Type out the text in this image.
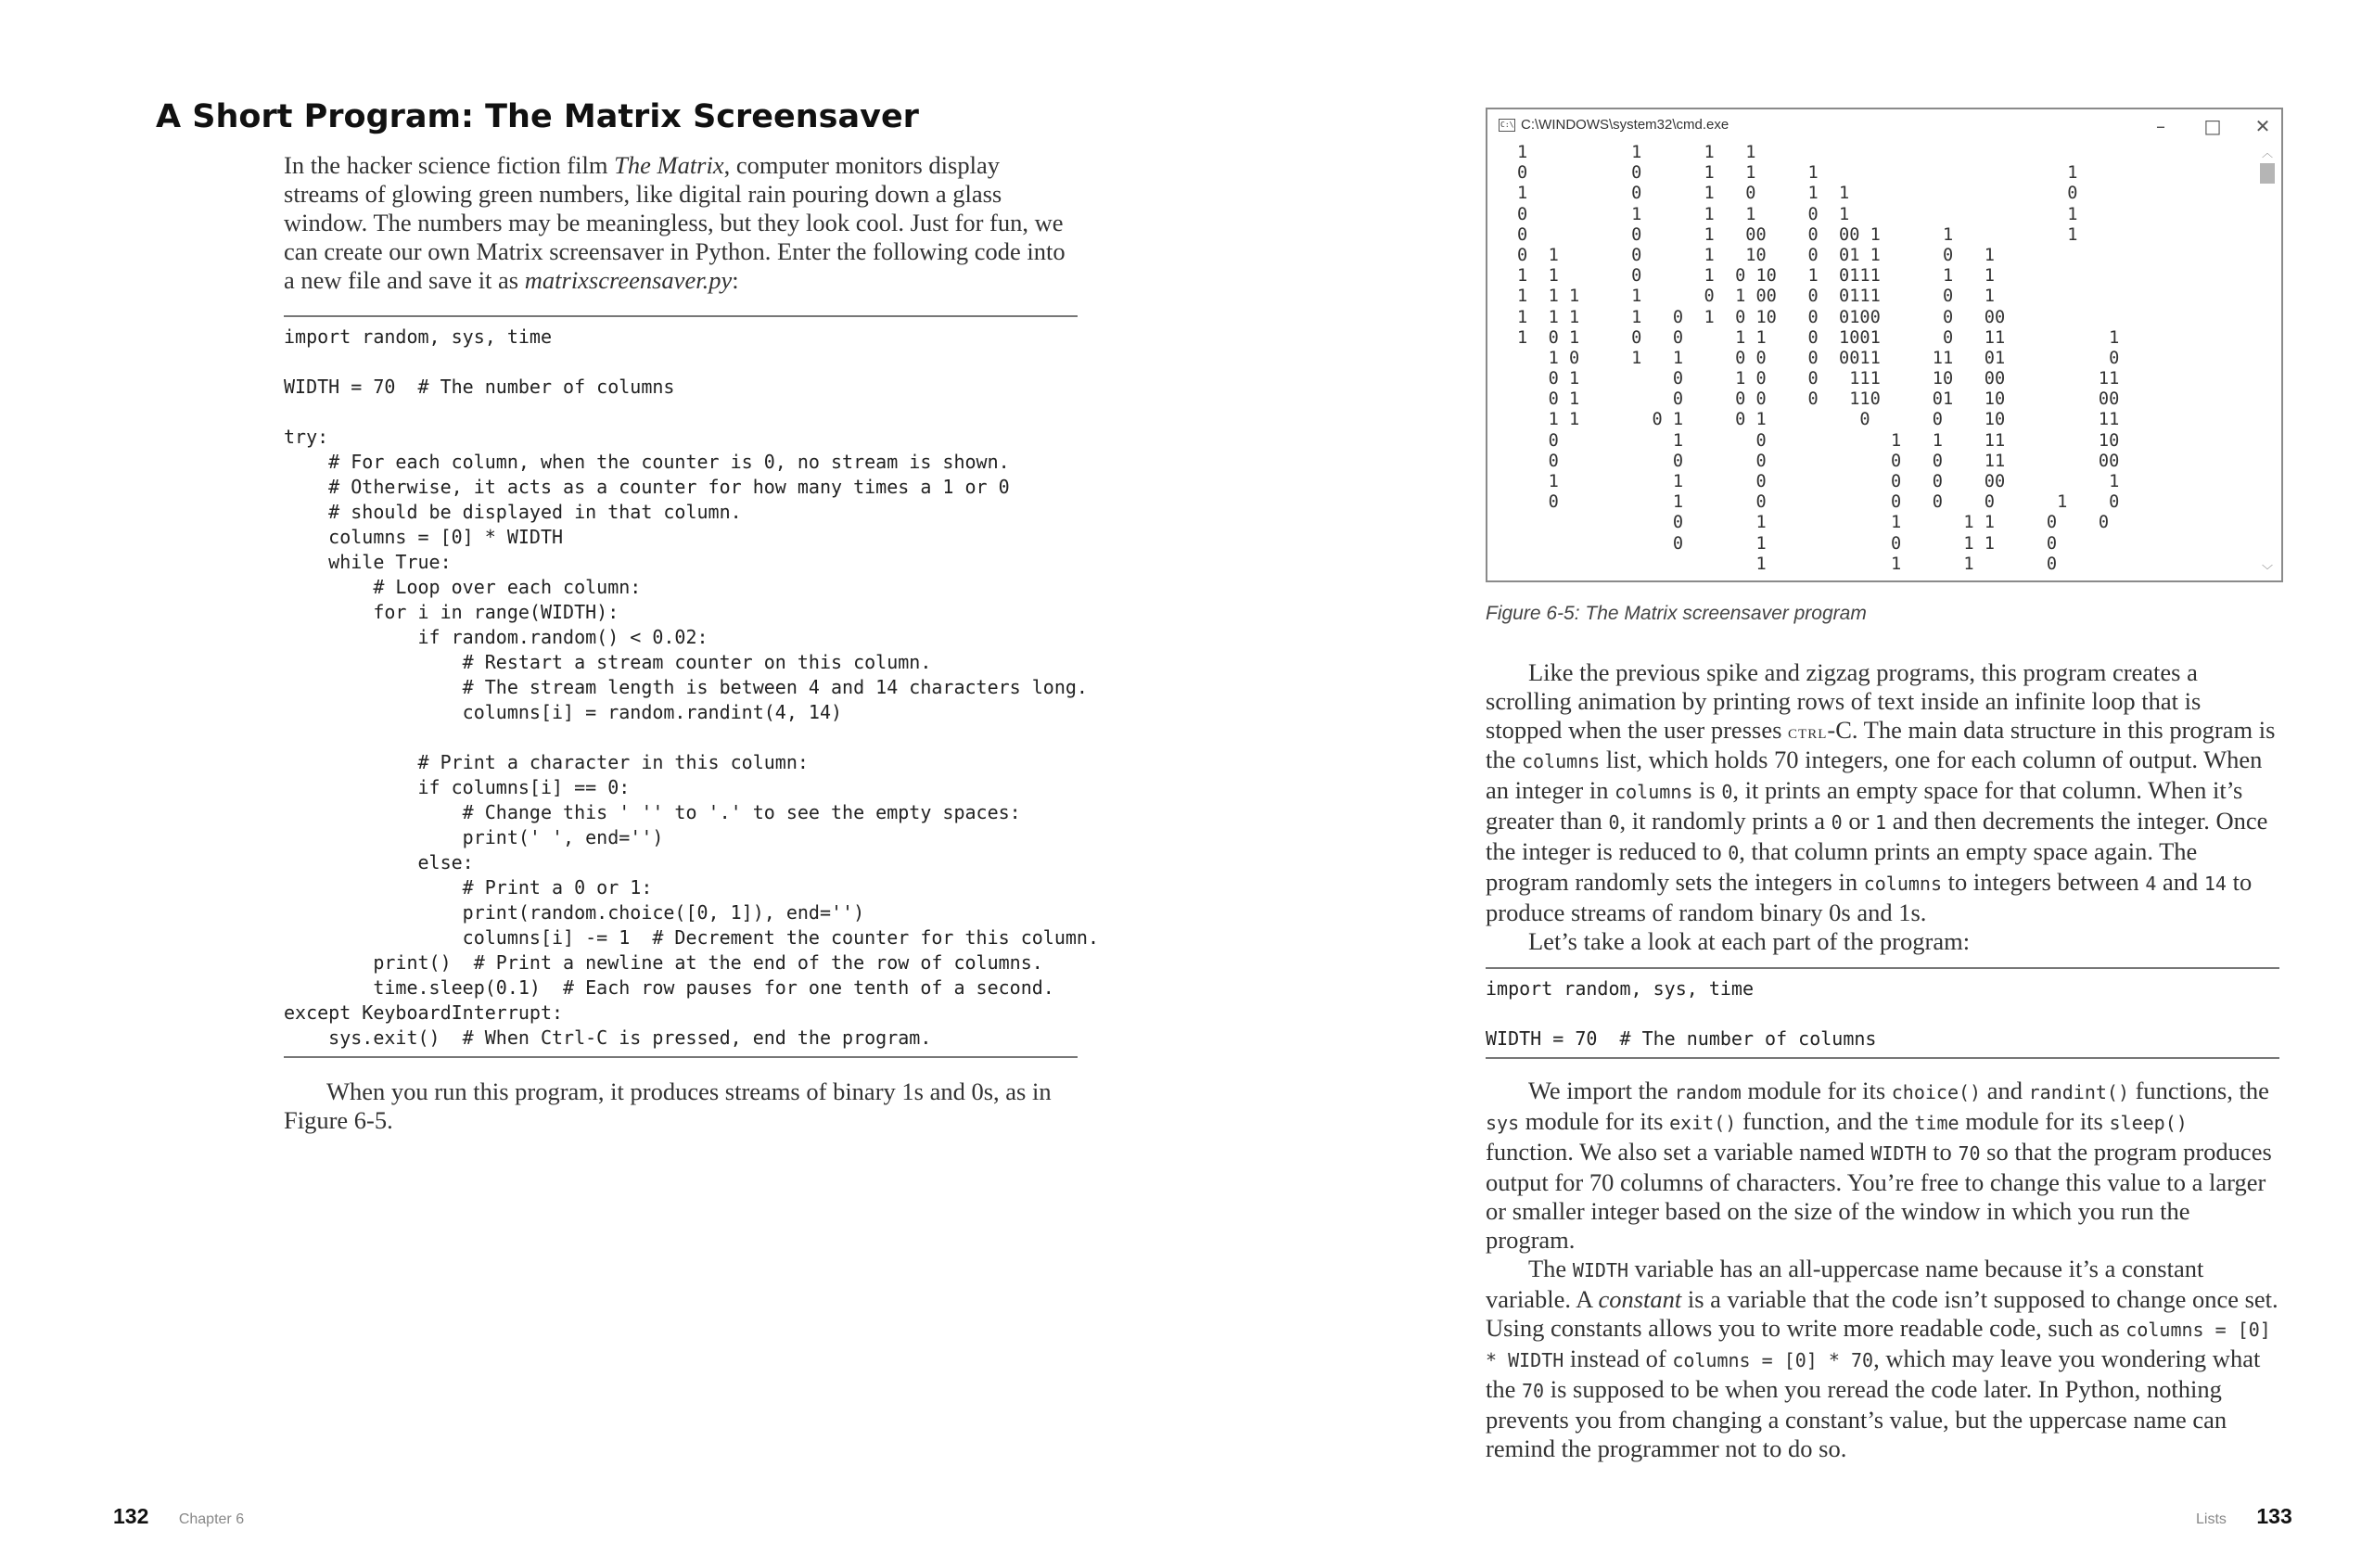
A Short Program: The Matrix Screensaver

In the hacker science fiction film The Matrix, computer monitors display streams of glowing green numbers, like digital rain pouring down a glass window. The numbers may be meaningless, but they look cool. Just for fun, we can create our own Matrix screensaver in Python. Enter the following code into a new file and save it as matrixscreensaver.py:

import random, sys, time
WIDTH = 70  # The number of columns
try:
# For each column, when the counter is 0, no stream is shown.
# Otherwise, it acts as a counter for how many times a 1 or 0
# should be displayed in that column.
columns = [0] * WIDTH
while True:
# Loop over each column:
for i in range(WIDTH):
if random.random() < 0.02:
# Restart a stream counter on this column.
# The stream length is between 4 and 14 characters long.
columns[i] = random.randint(4, 14)
# Print a character in this column:
if columns[i] == 0:
# Change this ' '' to '.' to see the empty spaces:
print(' ', end='')
else:
# Print a 0 or 1:
print(random.choice([0, 1]), end='')
columns[i] -= 1  # Decrement the counter for this column.
print()  # Print a newline at the end of the row of columns.
time.sleep(0.1)  # Each row pauses for one tenth of a second.
except KeyboardInterrupt:
sys.exit()  # When Ctrl-C is pressed, end the program.

When you run this program, it produces streams of binary 1s and 0s, as in Figure 6-5.

132 Chapter 6
C:\ C:\WINDOWS\system32\cmd.exe	–	□	✕
1          1      1   1
0          0      1   1     1                        1
1          0      1   0     1  1                     0
0          1      1   1     0  1                     1
0          0      1   00    0  00 1      1           1
0  1       0      1   10    0  01 1      0   1
1  1       0      1  0 10   1  0111      1   1
1  1 1     1      0  1 00   0  0111      0   1
1  1 1     1   0  1  0 10   0  0100      0   00
1  0 1     0   0     1 1    0  1001      0   11          1
1 0     1   1     0 0    0  0011     11   01          0
0 1         0     1 0    0   111     10   00         11
0 1         0     0 0    0   110     01   10         00
1 1       0 1     0 1         0      0    10         11
0           1       0            1   1    11         10
0           0       0            0   0    11         00
1           1       0            0   0    00          1
0           1       0            0   0    0      1    0
0       1            1      1 1     0    0
0       1            0      1 1     0
1            1      1       0
︿
﹀
Figure 6-5: The Matrix screensaver program

Like the previous spike and zigzag programs, this program creates a scrolling animation by printing rows of text inside an infinite loop that is stopped when the user presses ctrl-C. The main data structure in this program is the columns list, which holds 70 integers, one for each column of output. When an integer in columns is 0, it prints an empty space for that column. When it’s greater than 0, it randomly prints a 0 or 1 and then decrements the integer. Once the integer is reduced to 0, that column prints an empty space again. The program randomly sets the integers in columns to integers between 4 and 14 to produce streams of random binary 0s and 1s.

Let’s take a look at each part of the program:

import random, sys, time
WIDTH = 70  # The number of columns

We import the random module for its choice() and randint() functions, the sys module for its exit() function, and the time module for its sleep() function. We also set a variable named WIDTH to 70 so that the program produces output for 70 columns of characters. You’re free to change this value to a larger or smaller integer based on the size of the window in which you run the program.

The WIDTH variable has an all-uppercase name because it’s a constant variable. A constant is a variable that the code isn’t supposed to change once set. Using constants allows you to write more readable code, such as columns = [0] * WIDTH instead of columns = [0] * 70, which may leave you wondering what the 70 is supposed to be when you reread the code later. In Python, nothing prevents you from changing a constant’s value, but the uppercase name can remind the programmer not to do so.

Lists 133
